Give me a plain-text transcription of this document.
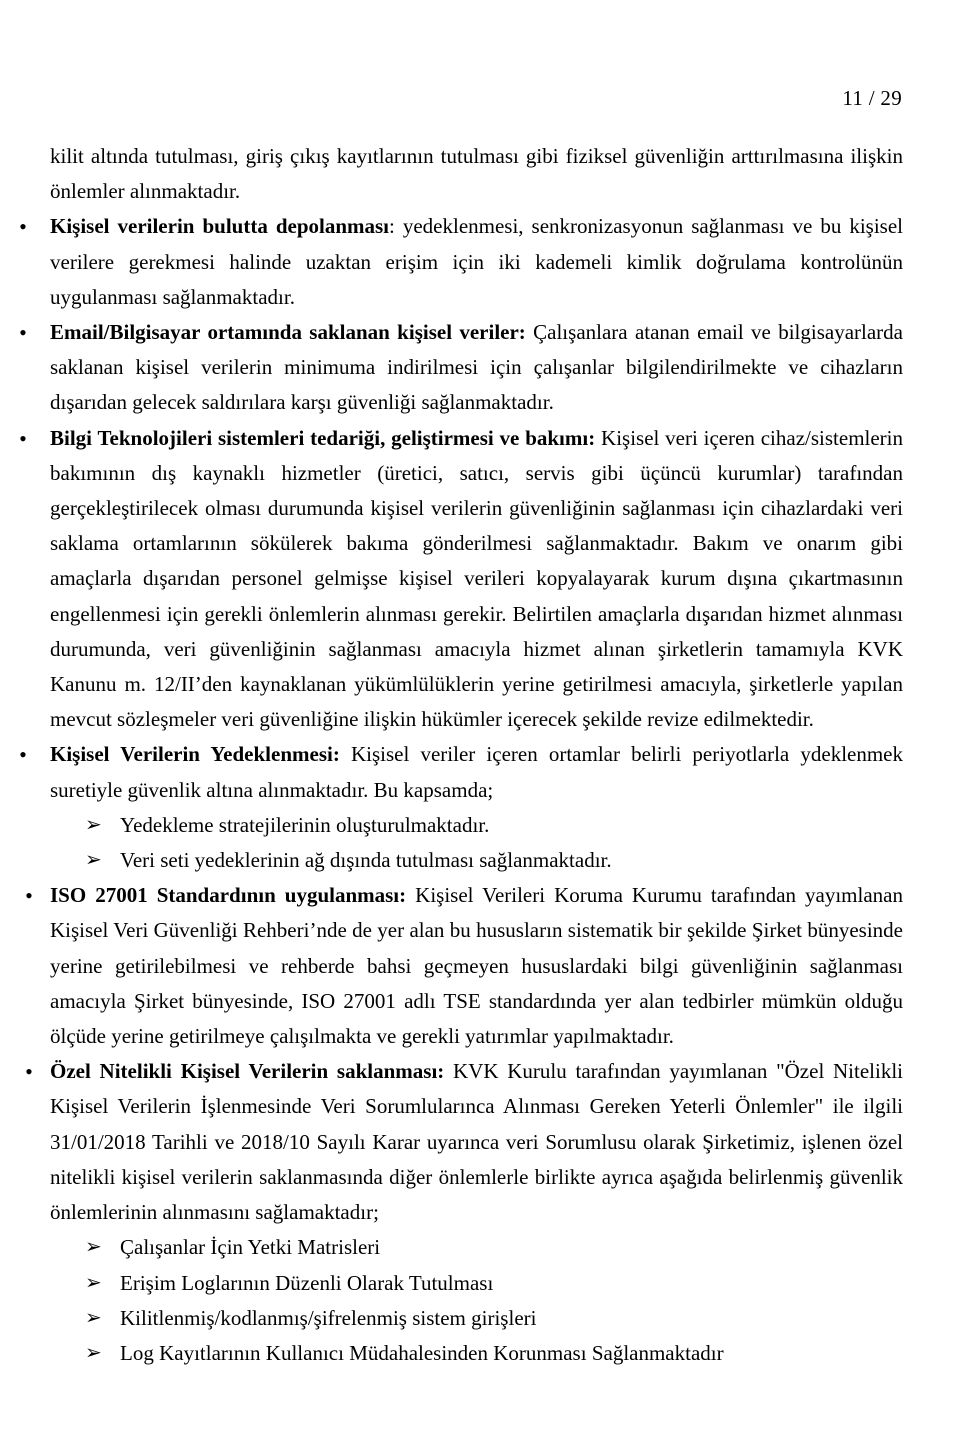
11 / 29

kilit altında tutulması, giriş çıkış kayıtlarının tutulması gibi fiziksel güvenliğin arttırılmasına ilişkin önlemler alınmaktadır.

• Kişisel verilerin bulutta depolanması: yedeklenmesi, senkronizasyonun sağlanması ve bu kişisel verilere gerekmesi halinde uzaktan erişim için iki kademeli kimlik doğrulama kontrolünün uygulanması sağlanmaktadır.
• Email/Bilgisayar ortamında saklanan kişisel veriler: Çalışanlara atanan email ve bilgisayarlarda saklanan kişisel verilerin minimuma indirilmesi için çalışanlar bilgilendirilmekte ve cihazların dışarıdan gelecek saldırılara karşı güvenliği sağlanmaktadır.
• Bilgi Teknolojileri sistemleri tedariği, geliştirmesi ve bakımı: Kişisel veri içeren cihaz/sistemlerin bakımının dış kaynaklı hizmetler (üretici, satıcı, servis gibi üçüncü kurumlar) tarafından gerçekleştirilecek olması durumunda kişisel verilerin güvenliğinin sağlanması için cihazlardaki veri saklama ortamlarının sökülerek bakıma gönderilmesi sağlanmaktadır. Bakım ve onarım gibi amaçlarla dışarıdan personel gelmişse kişisel verileri kopyalayarak kurum dışına çıkartmasının engellenmesi için gerekli önlemlerin alınması gerekir. Belirtilen amaçlarla dışarıdan hizmet alınması durumunda, veri güvenliğinin sağlanması amacıyla hizmet alınan şirketlerin tamamıyla KVK Kanunu m. 12/II’den kaynaklanan yükümlülüklerin yerine getirilmesi amacıyla, şirketlerle yapılan mevcut sözleşmeler veri güvenliğine ilişkin hükümler içerecek şekilde revize edilmektedir.
• Kişisel Verilerin Yedeklenmesi: Kişisel veriler içeren ortamlar belirli periyotlarla ydeklenmek suretiyle güvenlik altına alınmaktadır. Bu kapsamda;
➢ Yedekleme stratejilerinin oluşturulmaktadır.
➢ Veri seti yedeklerinin ağ dışında tutulması sağlanmaktadır.
• ISO 27001 Standardının uygulanması: Kişisel Verileri Koruma Kurumu tarafından yayımlanan Kişisel Veri Güvenliği Rehberi’nde de yer alan bu hususların sistematik bir şekilde Şirket bünyesinde yerine getirilebilmesi ve rehberde bahsi geçmeyen hususlardaki bilgi güvenliğinin sağlanması amacıyla Şirket bünyesinde, ISO 27001 adlı TSE standardında yer alan tedbirler mümkün olduğu ölçüde yerine getirilmeye çalışılmakta ve gerekli yatırımlar yapılmaktadır.
• Özel Nitelikli Kişisel Verilerin saklanması: KVK Kurulu tarafından yayımlanan "Özel Nitelikli Kişisel Verilerin İşlenmesinde Veri Sorumlularınca Alınması Gereken Yeterli Önlemler" ile ilgili 31/01/2018 Tarihli ve 2018/10 Sayılı Karar uyarınca veri Sorumlusu olarak Şirketimiz, işlenen özel nitelikli kişisel verilerin saklanmasında diğer önlemlerle birlikte ayrıca aşağıda belirlenmiş güvenlik önlemlerinin alınmasını sağlamaktadır;
➢ Çalışanlar İçin Yetki Matrisleri
➢ Erişim Loglarının Düzenli Olarak Tutulması
➢ Kilitlenmiş/kodlanmış/şifrelenmiş sistem girişleri
➢ Log Kayıtlarının Kullanıcı Müdahalesinden Korunması Sağlanmaktadır
